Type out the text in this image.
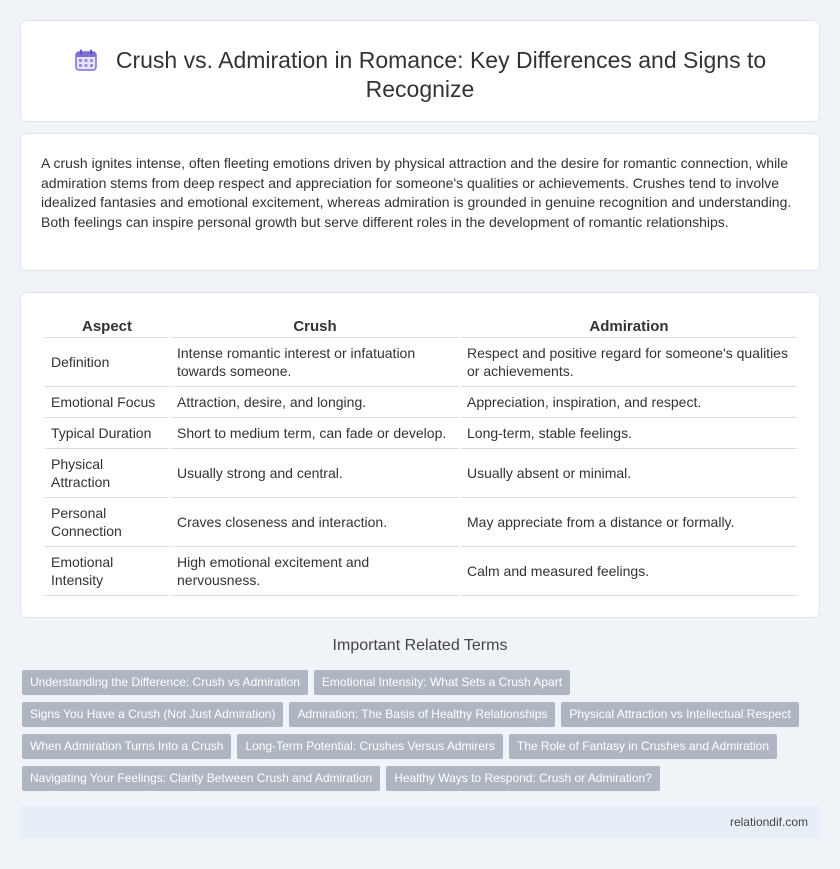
Crush vs. Admiration in Romance: Key Differences and Signs to Recognize

A crush ignites intense, often fleeting emotions driven by physical attraction and the desire for romantic connection, while admiration stems from deep respect and appreciation for someone's qualities or achievements. Crushes tend to involve idealized fantasies and emotional excitement, whereas admiration is grounded in genuine recognition and understanding. Both feelings can inspire personal growth but serve different roles in the development of romantic relationships.

Aspect	Crush	Admiration
Definition	Intense romantic interest or infatuation towards someone.	Respect and positive regard for someone's qualities or achievements.
Emotional Focus	Attraction, desire, and longing.	Appreciation, inspiration, and respect.
Typical Duration	Short to medium term, can fade or develop.	Long-term, stable feelings.
Physical Attraction	Usually strong and central.	Usually absent or minimal.
Personal Connection	Craves closeness and interaction.	May appreciate from a distance or formally.
Emotional Intensity	High emotional excitement and nervousness.	Calm and measured feelings.
Important Related Terms
Understanding the Difference: Crush vs Admiration Emotional Intensity: What Sets a Crush Apart
Signs You Have a Crush (Not Just Admiration) Admiration: The Basis of Healthy Relationships Physical Attraction vs Intellectual Respect
When Admiration Turns Into a Crush Long-Term Potential: Crushes Versus Admirers The Role of Fantasy in Crushes and Admiration
Navigating Your Feelings: Clarity Between Crush and Admiration Healthy Ways to Respond: Crush or Admiration?
relationdif.com
